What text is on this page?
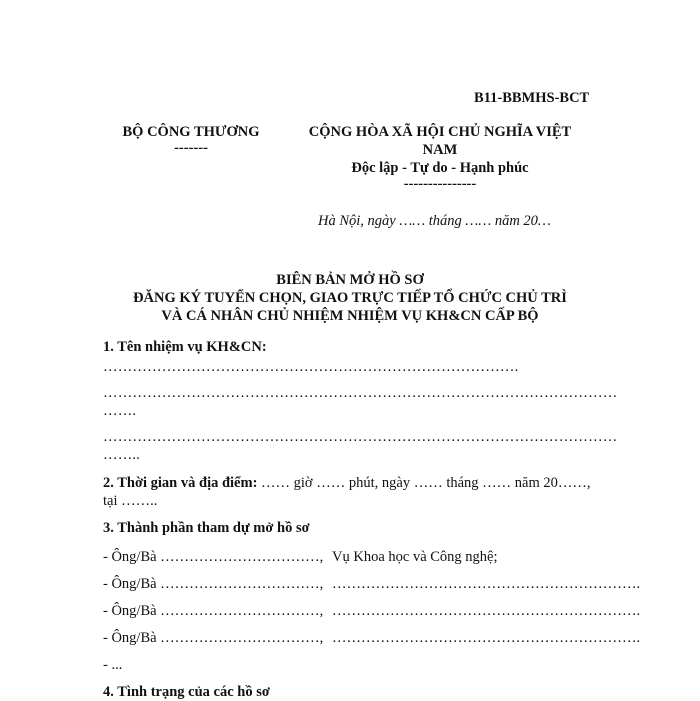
B11-BBMHS-BCT
BỘ CÔNG THƯƠNG
-------
CỘNG HÒA XÃ HỘI CHỦ NGHĨA VIỆT
NAM
Độc lập - Tự do - Hạnh phúc
---------------
Hà Nội, ngày …… tháng …… năm 20…
BIÊN BẢN MỞ HỒ SƠ
ĐĂNG KÝ TUYỂN CHỌN, GIAO TRỰC TIẾP TỔ CHỨC CHỦ TRÌ
VÀ CÁ NHÂN CHỦ NHIỆM NHIỆM VỤ KH&CN CẤP BỘ
1. Tên nhiệm vụ KH&CN:
………………………………………………………………………….
……………………………………………………………………………………………
…….
……………………………………………………………………………………………
……..
2. Thời gian và địa điểm: …… giờ …… phút, ngày …… tháng …… năm 20……,
tại ……..
3. Thành phần tham dự mở hồ sơ
- Ông/Bà ……………………………, Vụ Khoa học và Công nghệ;
- Ông/Bà ……………………………, ……………………………………………………….
- Ông/Bà ……………………………, ……………………………………………………….
- Ông/Bà ……………………………, ……………………………………………………….
- ...
4. Tình trạng của các hồ sơ
